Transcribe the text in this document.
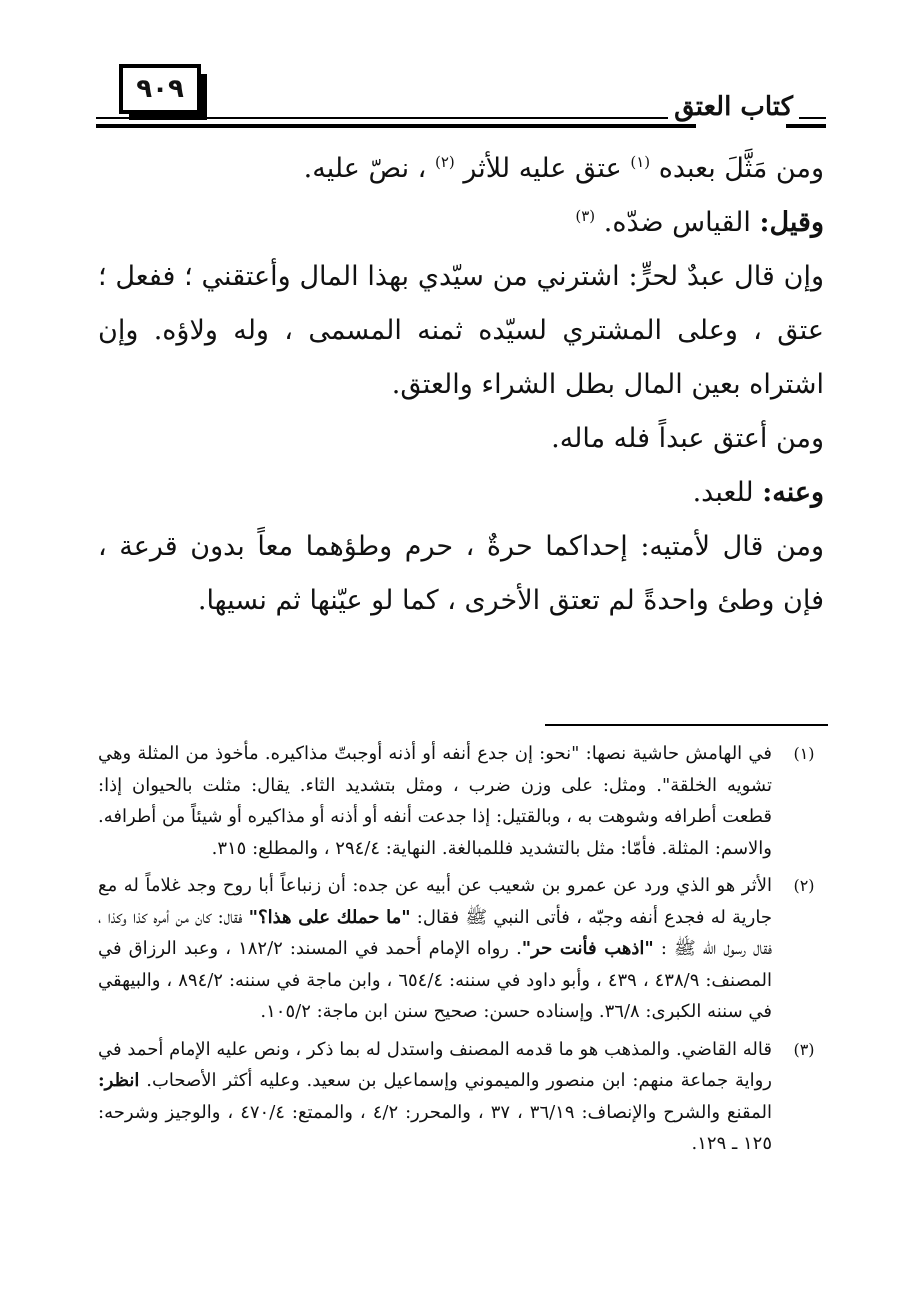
٩٠٩
كتاب العتق

ومن مَثَّلَ بعبده $^{(١)}$ عتق عليه للأثر $^{(٢)}$ ، نصّ عليه.

وقيل: القياس ضدّه. $^{(٣)}$

وإن قال عبدٌ لحرٍّ: اشترني من سيّدي بهذا المال وأعتقني ؛ ففعل ؛ عتق ، وعلى المشتري لسيّده ثمنه المسمى ، وله ولاؤه. وإن اشتراه بعين المال بطل الشراء والعتق.

ومن أعتق عبداً فله ماله.

وعنه: للعبد.

ومن قال لأمتيه: إحداكما حرةٌ ، حرم وطؤهما معاً بدون قرعة ، فإن وطئ واحدةً لم تعتق الأخرى ، كما لو عيّنها ثم نسيها.

(١)
في الهامش حاشية نصها: "نحو: إن جدع أنفه أو أذنه أوجبتّ مذاكيره. مأخوذ من المثلة وهي تشويه الخلقة". ومثل: على وزن ضرب ، ومثل بتشديد الثاء. يقال: مثلت بالحيوان إذا: قطعت أطرافه وشوهت به ، وبالقتيل: إذا جدعت أنفه أو أذنه أو مذاكيره أو شيئاً من أطرافه. والاسم: المثلة. فأمّا: مثل بالتشديد فللمبالغة. النهاية: ٢٩٤/٤ ، والمطلع: ٣١٥.
(٢)
الأثر هو الذي ورد عن عمرو بن شعيب عن أبيه عن جده: أن زنباعاً أبا روح وجد غلاماً له مع جارية له فجدع أنفه وجبّه ، فأتى النبي ﷺ فقال: "ما حملك على هذا؟" فقال: كان من أمره كذا وكذا ، فقال رسول الله ﷺ : "اذهب فأنت حر". رواه الإمام أحمد في المسند: ١٨٢/٢ ، وعبد الرزاق في المصنف: ٤٣٨/٩ ، ٤٣٩ ، وأبو داود في سننه: ٦٥٤/٤ ، وابن ماجة في سننه: ٨٩٤/٢ ، والبيهقي في سننه الكبرى: ٣٦/٨. وإسناده حسن: صحيح سنن ابن ماجة: ١٠٥/٢.
(٣)
قاله القاضي. والمذهب هو ما قدمه المصنف واستدل له بما ذكر ، ونص عليه الإمام أحمد في رواية جماعة منهم: ابن منصور والميموني وإسماعيل بن سعيد. وعليه أكثر الأصحاب. انظر: المقنع والشرح والإنصاف: ٣٦/١٩ ، ٣٧ ، والمحرر: ٤/٢ ، والممتع: ٤٧٠/٤ ، والوجيز وشرحه: ١٢٥ ـ ١٢٩.
